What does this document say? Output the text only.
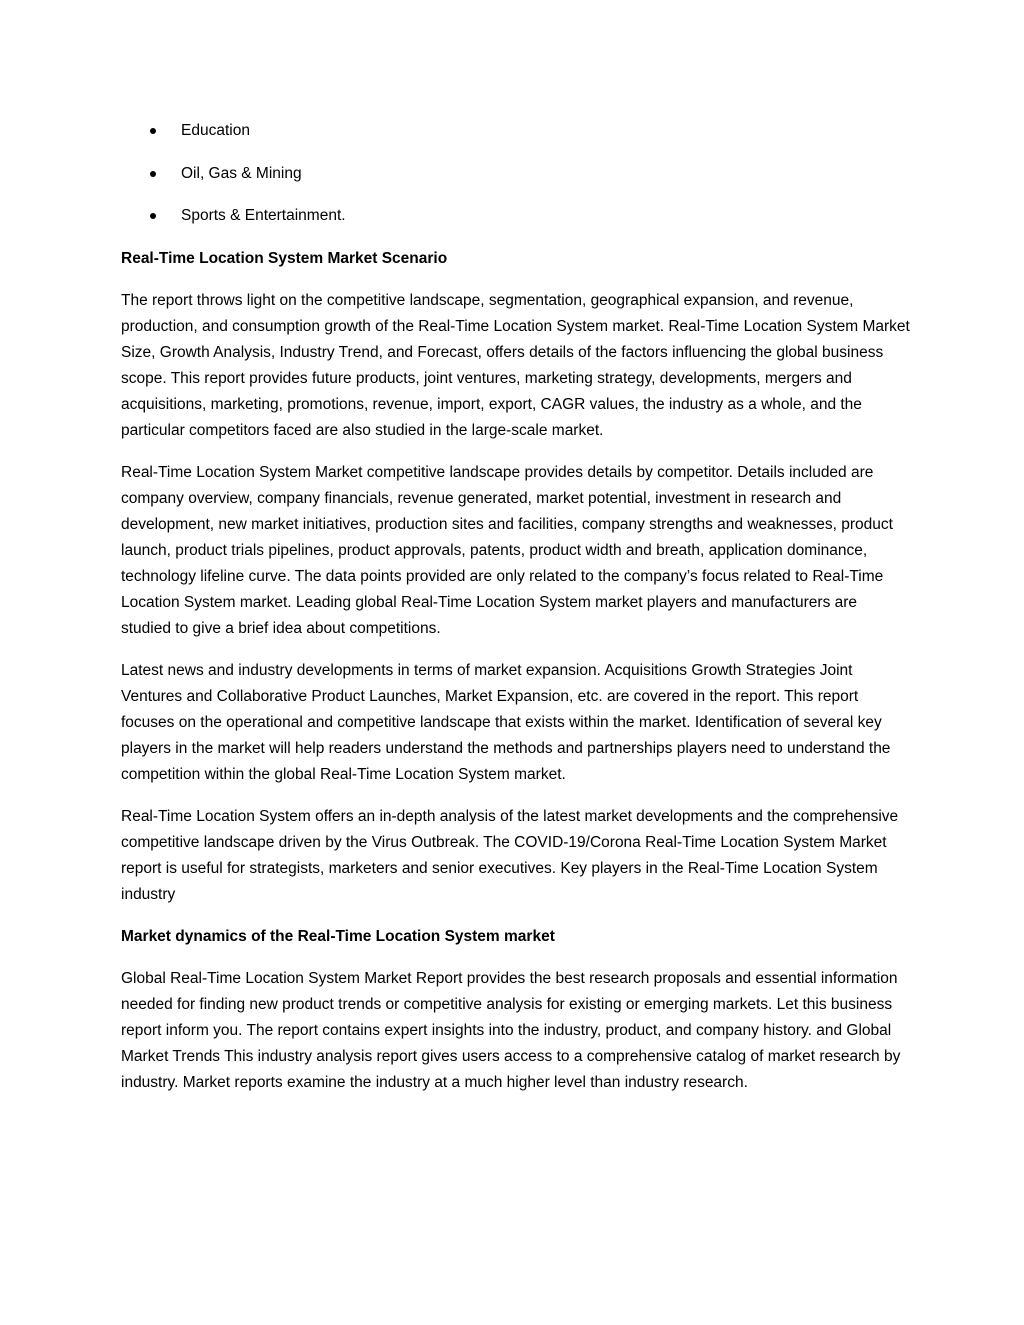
Education
Oil, Gas & Mining
Sports & Entertainment.
Real-Time Location System Market Scenario

The report throws light on the competitive landscape, segmentation, geographical expansion, and revenue, production, and consumption growth of the Real-Time Location System market. Real-Time Location System Market Size, Growth Analysis, Industry Trend, and Forecast, offers details of the factors influencing the global business scope. This report provides future products, joint ventures, marketing strategy, developments, mergers and acquisitions, marketing, promotions, revenue, import, export, CAGR values, the industry as a whole, and the particular competitors faced are also studied in the large-scale market.

Real-Time Location System Market competitive landscape provides details by competitor. Details included are company overview, company financials, revenue generated, market potential, investment in research and development, new market initiatives, production sites and facilities, company strengths and weaknesses, product launch, product trials pipelines, product approvals, patents, product width and breath, application dominance, technology lifeline curve. The data points provided are only related to the company’s focus related to Real-Time Location System market. Leading global Real-Time Location System market players and manufacturers are studied to give a brief idea about competitions.

Latest news and industry developments in terms of market expansion. Acquisitions Growth Strategies Joint Ventures and Collaborative Product Launches, Market Expansion, etc. are covered in the report. This report focuses on the operational and competitive landscape that exists within the market. Identification of several key players in the market will help readers understand the methods and partnerships players need to understand the competition within the global Real-Time Location System market.

Real-Time Location System offers an in-depth analysis of the latest market developments and the comprehensive competitive landscape driven by the Virus Outbreak. The COVID-19/Corona Real-Time Location System Market report is useful for strategists, marketers and senior executives. Key players in the Real-Time Location System industry

Market dynamics of the Real-Time Location System market

Global Real-Time Location System Market Report provides the best research proposals and essential information needed for finding new product trends or competitive analysis for existing or emerging markets. Let this business report inform you. The report contains expert insights into the industry, product, and company history. and Global Market Trends This industry analysis report gives users access to a comprehensive catalog of market research by industry. Market reports examine the industry at a much higher level than industry research.
